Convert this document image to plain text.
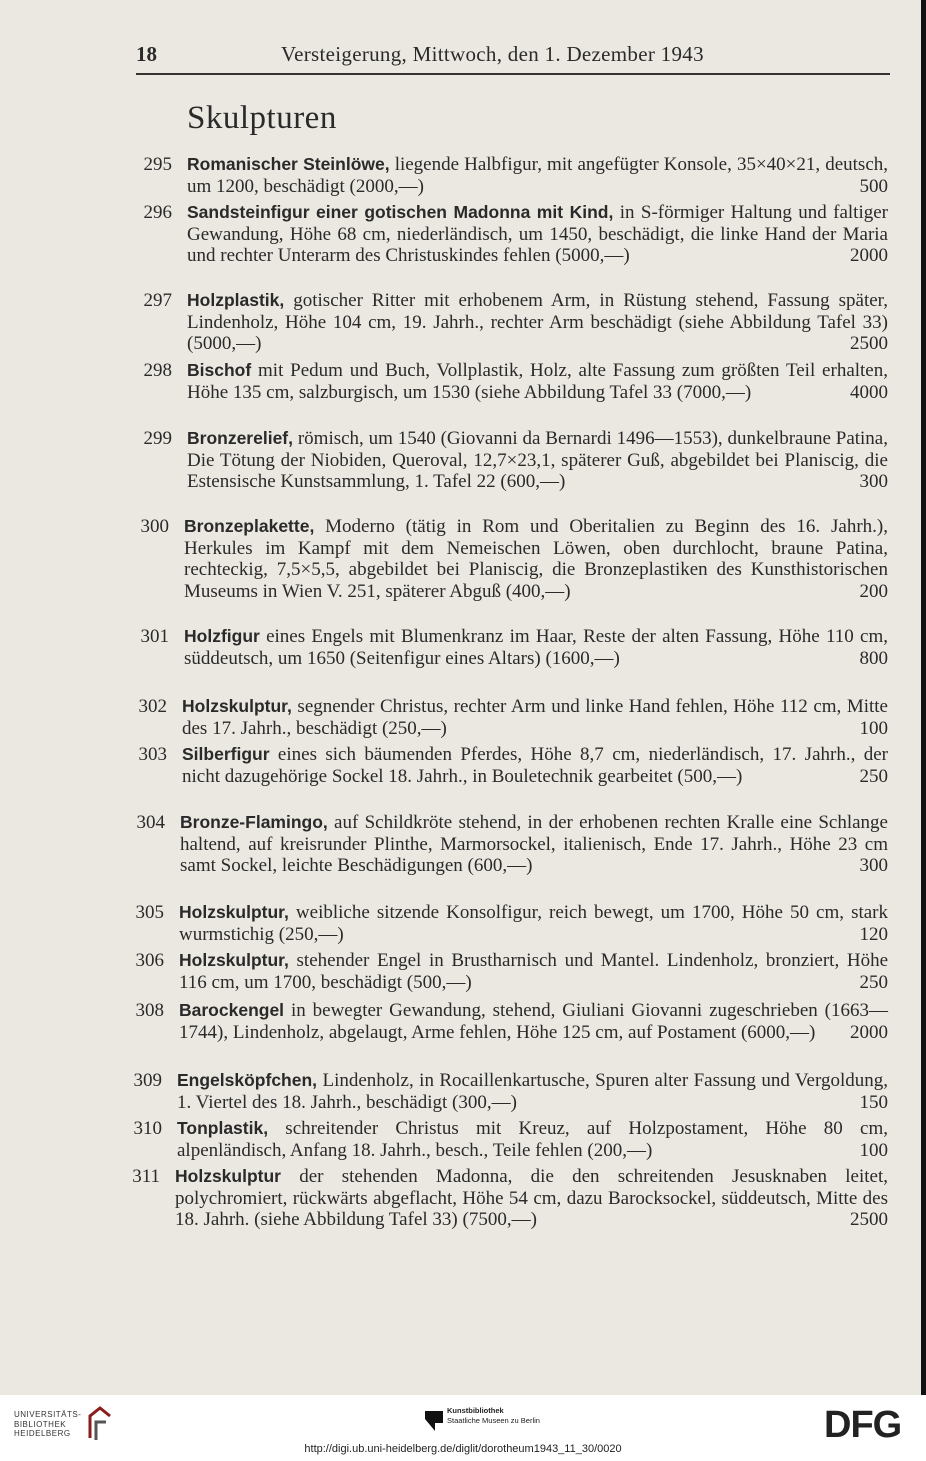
18	Versteigerung, Mittwoch, den 1. Dezember 1943
Skulpturen
295 Romanischer Steinlöwe, liegende Halbfigur, mit angefügter Konsole, 35×40×21, deutsch, um 1200, beschädigt (2000,—)	500
296 Sandsteinfigur einer gotischen Madonna mit Kind, in S-förmiger Haltung und faltiger Gewandung, Höhe 68 cm, niederländisch, um 1450, beschädigt, die linke Hand der Maria und rechter Unterarm des Christuskindes fehlen (5000,—)	2000
297 Holzplastik, gotischer Ritter mit erhobenem Arm, in Rüstung stehend, Fassung später, Lindenholz, Höhe 104 cm, 19. Jahrh., rechter Arm beschädigt (siehe Abbildung Tafel 33) (5000,—)	2500
298 Bischof mit Pedum und Buch, Vollplastik, Holz, alte Fassung zum größten Teil erhalten, Höhe 135 cm, salzburgisch, um 1530 (siehe Abbildung Tafel 33 (7000,—)	4000
299 Bronzerelief, römisch, um 1540 (Giovanni da Bernardi 1496—1553), dunkelbraune Patina, Die Tötung der Niobiden, Queroval, 12,7×23,1, späterer Guß, abgebildet bei Planiscig, die Estensische Kunstsammlung, 1. Tafel 22 (600,—)	300
300 Bronzeplakette, Moderno (tätig in Rom und Oberitalien zu Beginn des 16. Jahrh.), Herkules im Kampf mit dem Nemeischen Löwen, oben durchlocht, braune Patina, rechteckig, 7,5×5,5, abgebildet bei Planiscig, die Bronzeplastiken des Kunsthistorischen Museums in Wien V. 251, späterer Abguß (400,—)	200
301 Holzfigur eines Engels mit Blumenkranz im Haar, Reste der alten Fassung, Höhe 110 cm, süddeutsch, um 1650 (Seitenfigur eines Altars) (1600,—)	800
302 Holzskulptur, segnender Christus, rechter Arm und linke Hand fehlen, Höhe 112 cm, Mitte des 17. Jahrh., beschädigt (250,—)	100
303 Silberfigur eines sich bäumenden Pferdes, Höhe 8,7 cm, niederländisch, 17. Jahrh., der nicht dazugehörige Sockel 18. Jahrh., in Bouletechnik gearbeitet (500,—)	250
304 Bronze-Flamingo, auf Schildkröte stehend, in der erhobenen rechten Kralle eine Schlange haltend, auf kreisrunder Plinthe, Marmorsockel, italienisch, Ende 17. Jahrh., Höhe 23 cm samt Sockel, leichte Beschädigungen (600,—)	300
305 Holzskulptur, weibliche sitzende Konsolfigur, reich bewegt, um 1700, Höhe 50 cm, stark wurmstichig (250,—)	120
306 Holzskulptur, stehender Engel in Brustharnisch und Mantel. Lindenholz, bronziert, Höhe 116 cm, um 1700, beschädigt (500,—)	250
308 Barockengel in bewegter Gewandung, stehend, Giuliani Giovanni zugeschrieben (1663—1744), Lindenholz, abgelaugt, Arme fehlen, Höhe 125 cm, auf Postament (6000,—) 2000
309 Engelsköpfchen, Lindenholz, in Rocaillenkartusche, Spuren alter Fassung und Vergoldung, 1. Viertel des 18. Jahrh., beschädigt (300,—)	150
310 Tonplastik, schreitender Christus mit Kreuz, auf Holzpostament, Höhe 80 cm, alpenländisch, Anfang 18. Jahrh., besch., Teile fehlen (200,—)	100
311 Holzskulptur der stehenden Madonna, die den schreitenden Jesusknaben leitet, polychromiert, rückwärts abgeflacht, Höhe 54 cm, dazu Barocksockel, süddeutsch, Mitte des 18. Jahrh. (siehe Abbildung Tafel 33) (7500,—)	2500
UNIVERSITÄTS-
BIBLIOTHEK
HEIDELBERG
Kunstbibliothek
Staatliche Museen zu Berlin	DFG
http://digi.ub.uni-heidelberg.de/diglit/dorotheum1943_11_30/0020
